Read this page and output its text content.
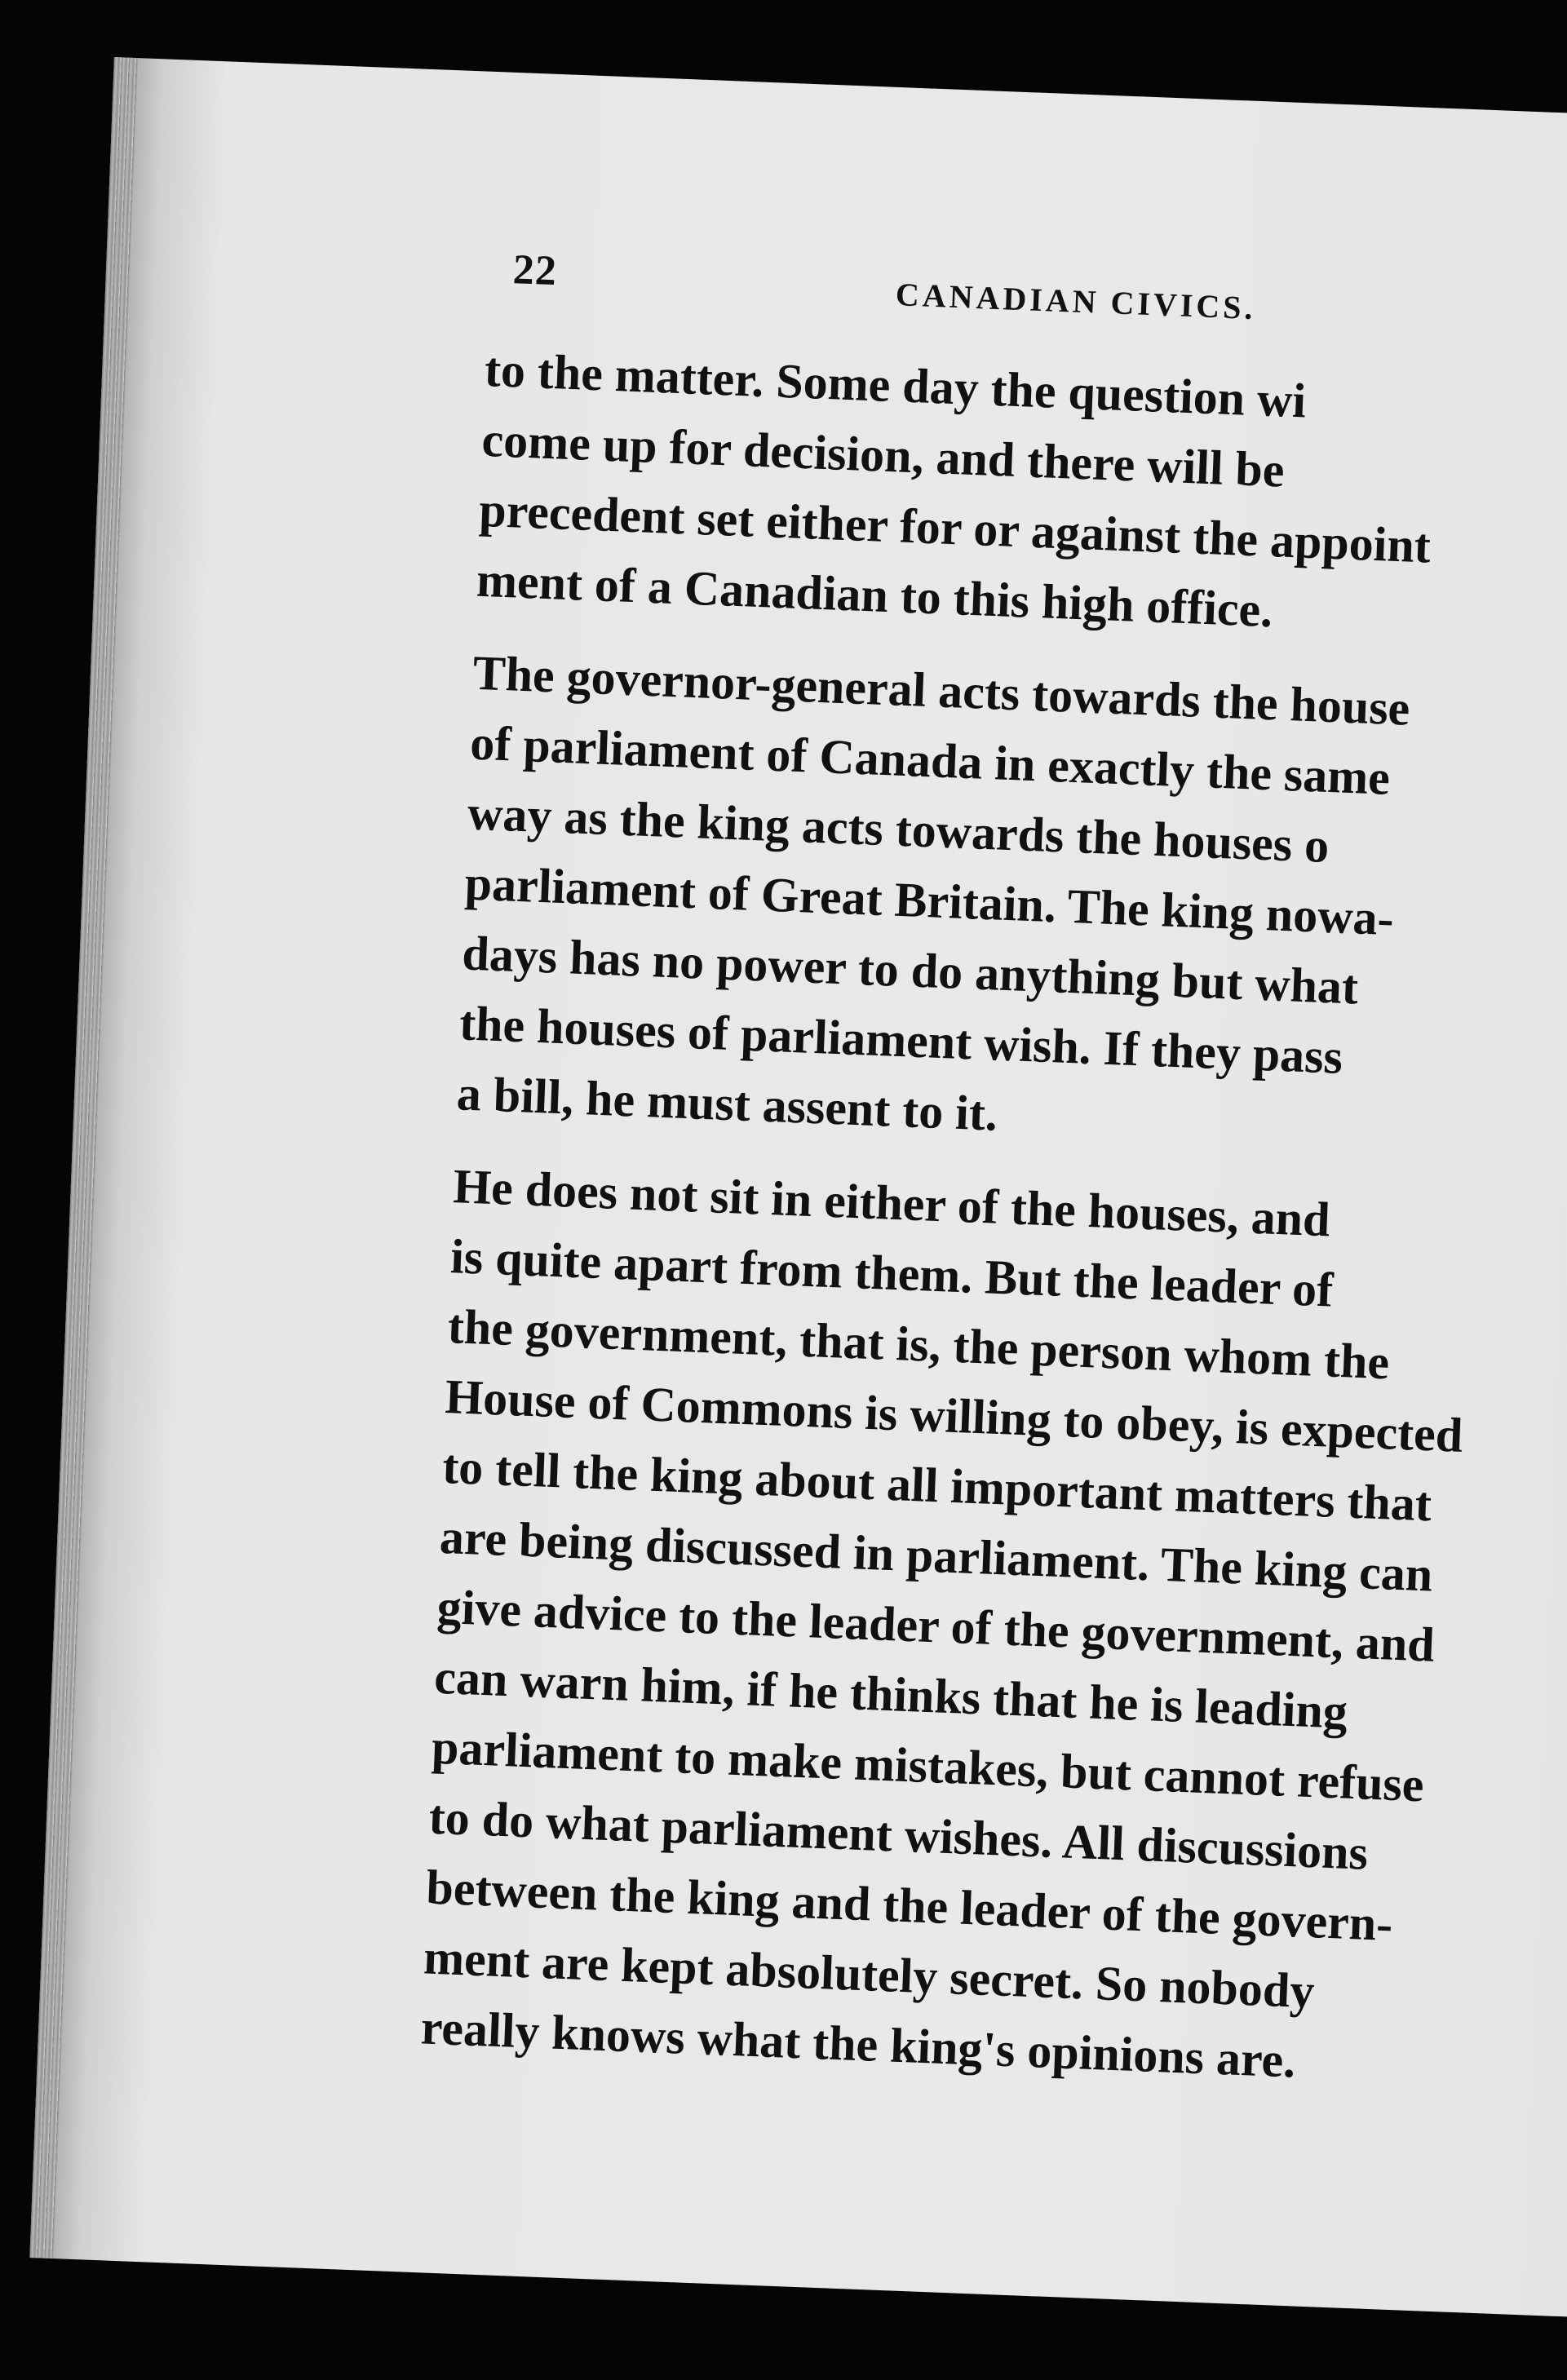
22
CANADIAN CIVICS.

to the matter. Some day the question wi
come up for decision, and there will be
precedent set either for or against the appoint
ment of a Canadian to this high office.

The governor-general acts towards the house
of parliament of Canada in exactly the same
way as the king acts towards the houses o
parliament of Great Britain. The king nowa-
days has no power to do anything but what
the houses of parliament wish. If they pass
a bill, he must assent to it.

He does not sit in either of the houses, and
is quite apart from them. But the leader of
the government, that is, the person whom the
House of Commons is willing to obey, is expected
to tell the king about all important matters that
are being discussed in parliament. The king can
give advice to the leader of the government, and
can warn him, if he thinks that he is leading
parliament to make mistakes, but cannot refuse
to do what parliament wishes. All discussions
between the king and the leader of the govern-
ment are kept absolutely secret. So nobody
really knows what the king's opinions are.
